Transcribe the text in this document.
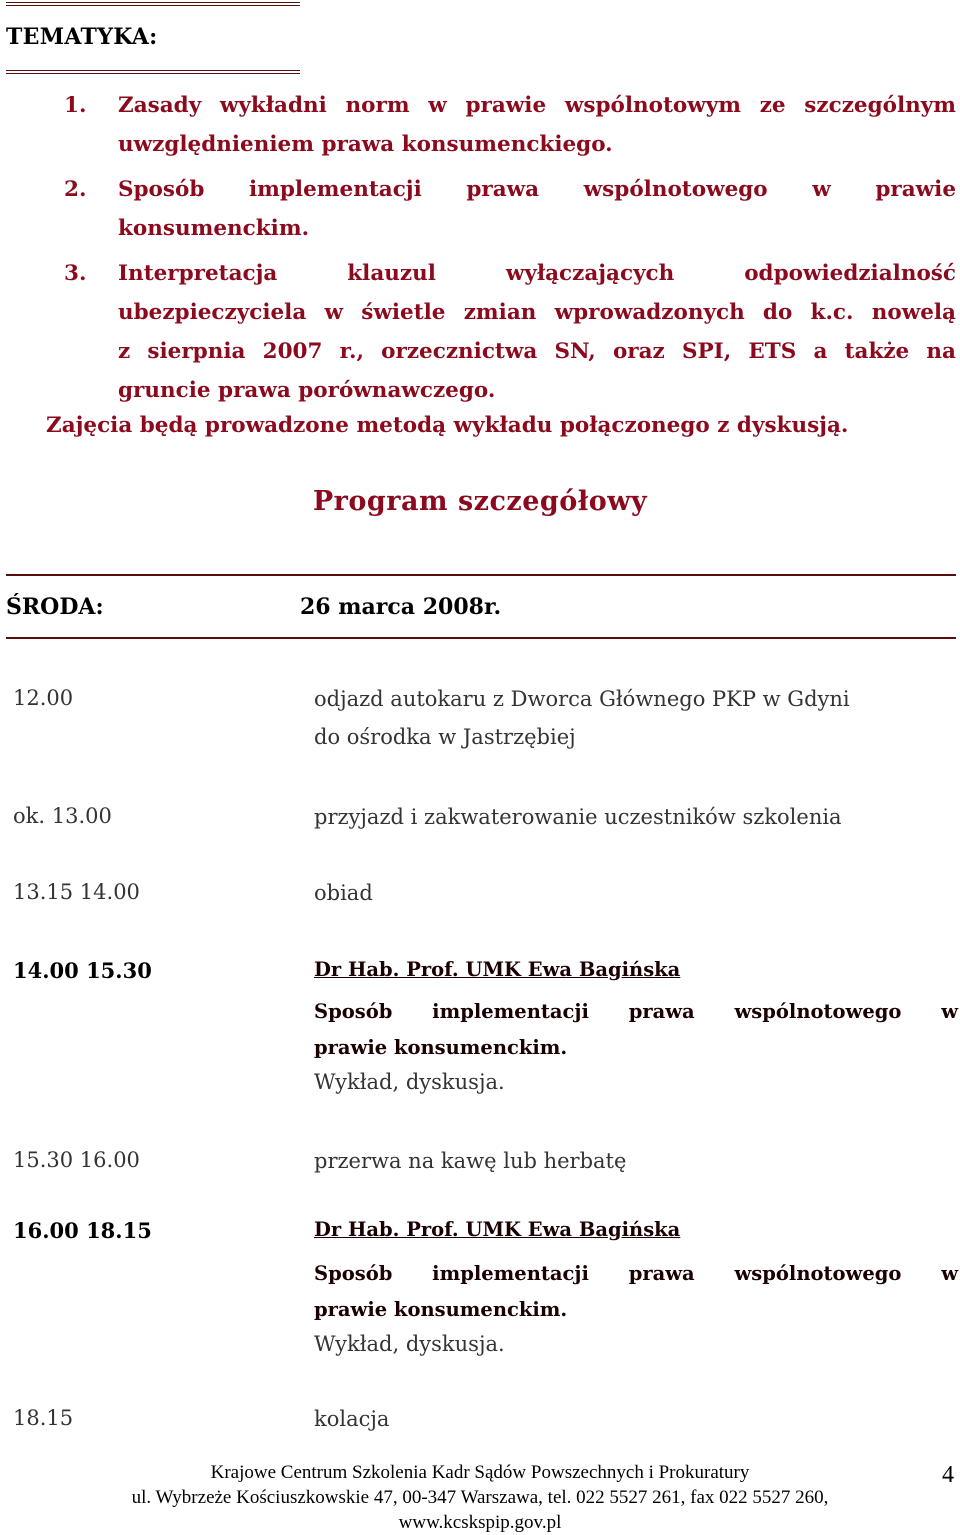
TEMATYKA:
1. Zasady wykładni norm w prawie wspólnotowym ze szczególnym
uwzględnieniem prawa konsumenckiego.
2. Sposób implementacji prawa wspólnotowego w prawie
konsumenckim.
3. Interpretacja klauzul wyłączających odpowiedzialność
ubezpieczyciela w świetle zmian wprowadzonych do k.c. nowelą
z sierpnia 2007 r., orzecznictwa SN, oraz SPI, ETS a także na
gruncie prawa porównawczego.
Zajęcia będą prowadzone metodą wykładu połączonego z dyskusją.
Program szczegółowy
ŚRODA:	26 marca 2008r.
12.00	odjazd autokaru z Dworca Głównego PKP w Gdyni
do ośrodka w Jastrzębiej
ok. 13.00	przyjazd i zakwaterowanie uczestników szkolenia
13.15 14.00	obiad
14.00 15.30	Dr Hab. Prof. UMK Ewa Bagińska
Sposób implementacji prawa wspólnotowego w
prawie konsumenckim.
Wykład, dyskusja.
15.30 16.00	przerwa na kawę lub herbatę
16.00 18.15	Dr Hab. Prof. UMK Ewa Bagińska
Sposób implementacji prawa wspólnotowego w
prawie konsumenckim.
Wykład, dyskusja.
18.15	kolacja
Krajowe Centrum Szkolenia Kadr Sądów Powszechnych i Prokuratury
ul. Wybrzeże Kościuszkowskie 47, 00-347 Warszawa, tel. 022 5527 261, fax 022 5527 260,
www.kcskspip.gov.pl
4
